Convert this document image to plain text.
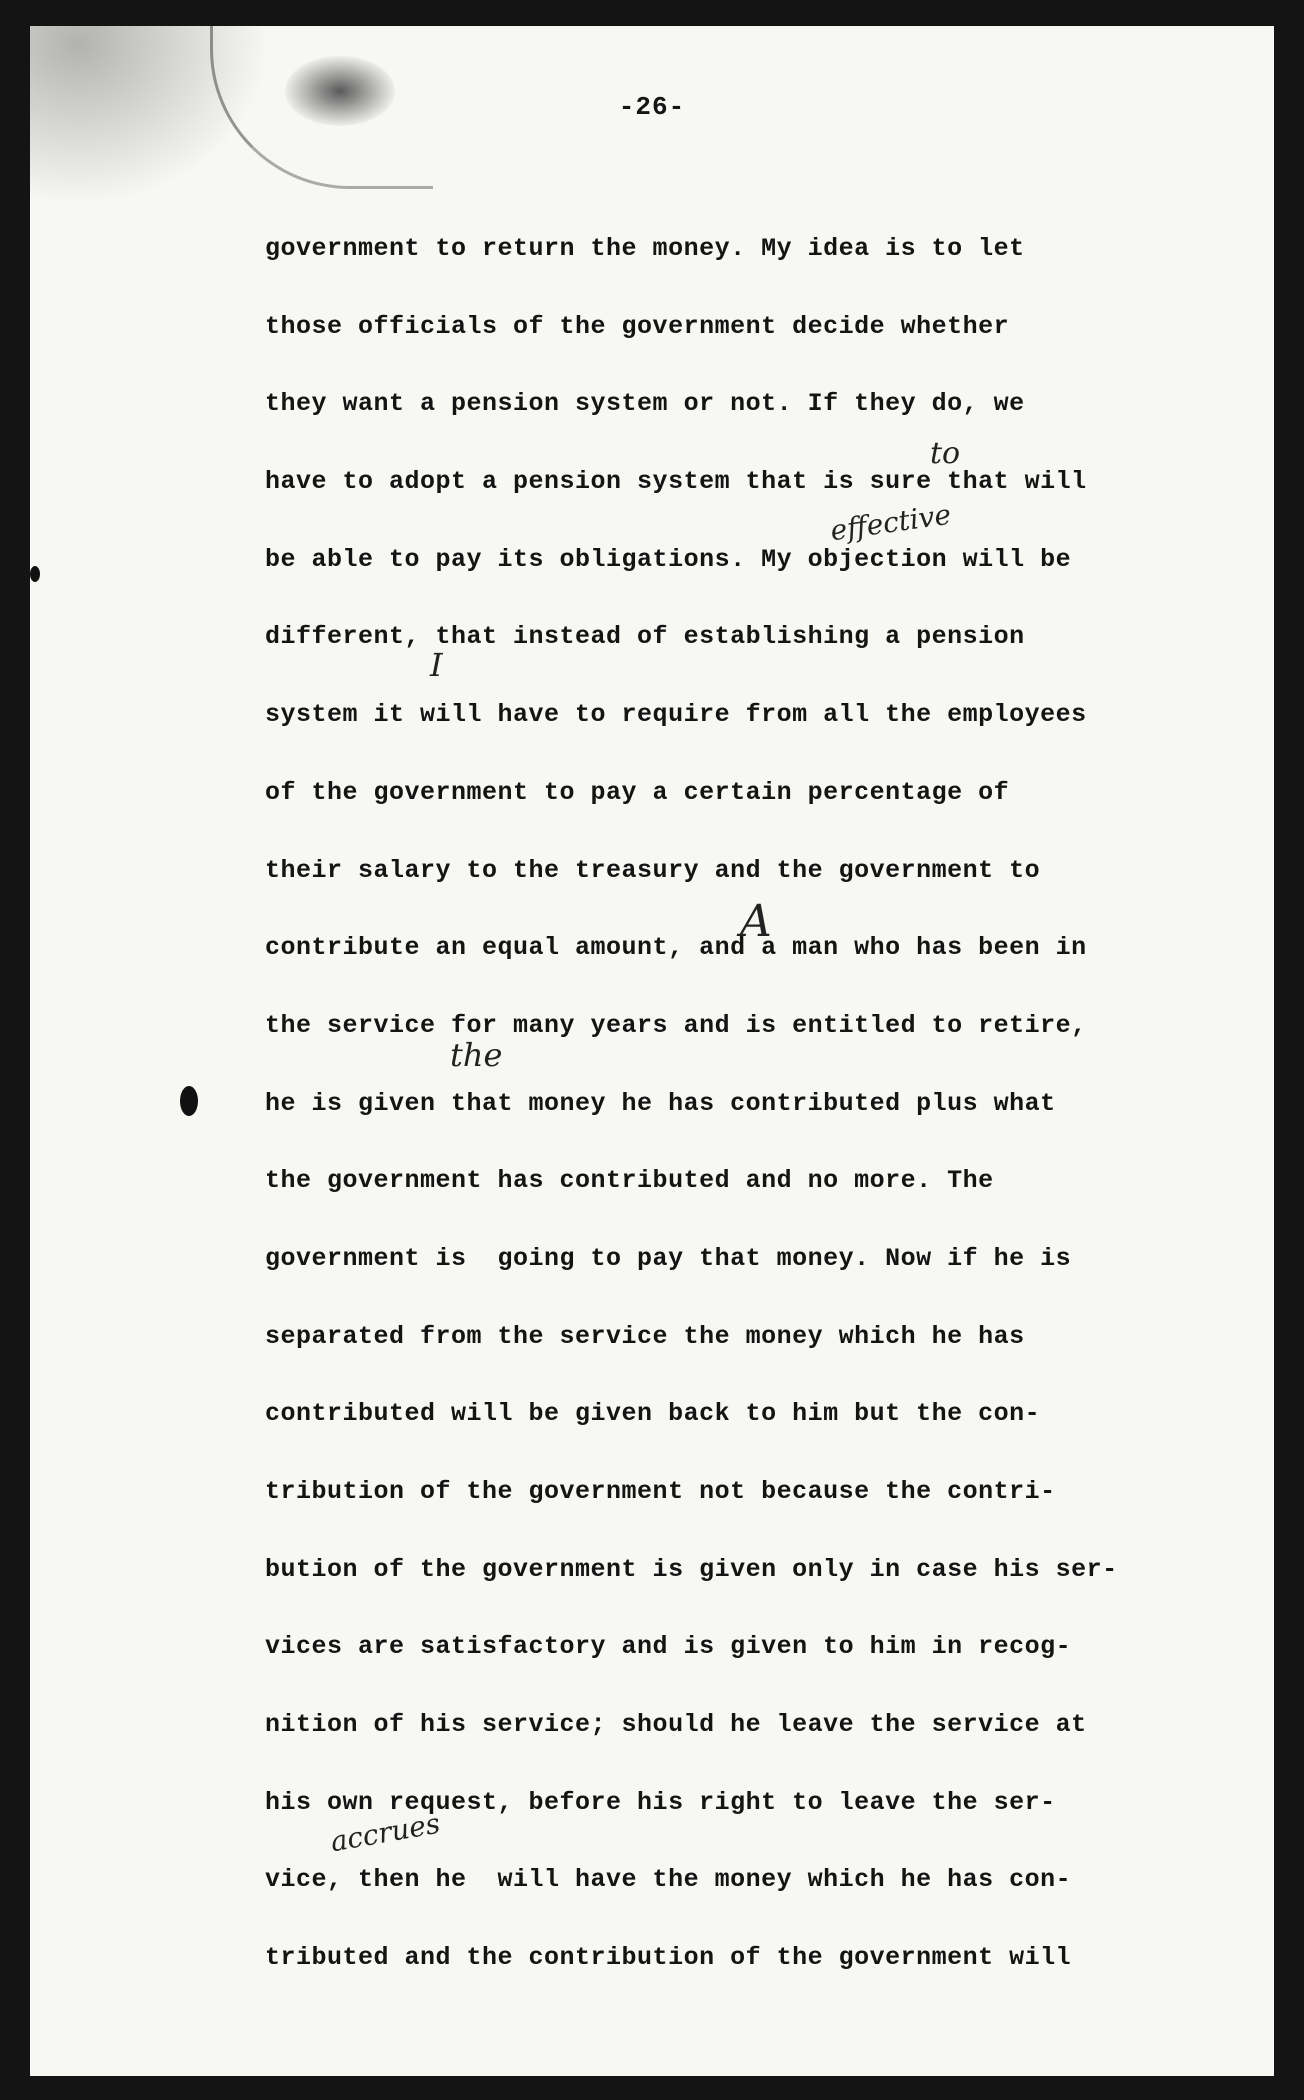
-26-
government to return the money. My idea is to let
those officials of the government decide whether
they want a pension system or not. If they do, we
have to adopt a pension system that is sure that will
be able to pay its obligations. My objection will be
different, that instead of establishing a pension
system it will have to require from all the employees
of the government to pay a certain percentage of
their salary to the treasury and the government to
contribute an equal amount, and a man who has been in
the service for many years and is entitled to retire,
he is given that money he has contributed plus what
the government has contributed and no more. The
government is  going to pay that money. Now if he is
separated from the service the money which he has
contributed will be given back to him but the con-
tribution of the government not because the contri-
bution of the government is given only in case his ser-
vices are satisfactory and is given to him in recog-
nition of his service; should he leave the service at
his own request, before his right to leave the ser-
vice, then he  will have the money which he has con-
tributed and the contribution of the government will
to
effective
I
A
the
accrues
